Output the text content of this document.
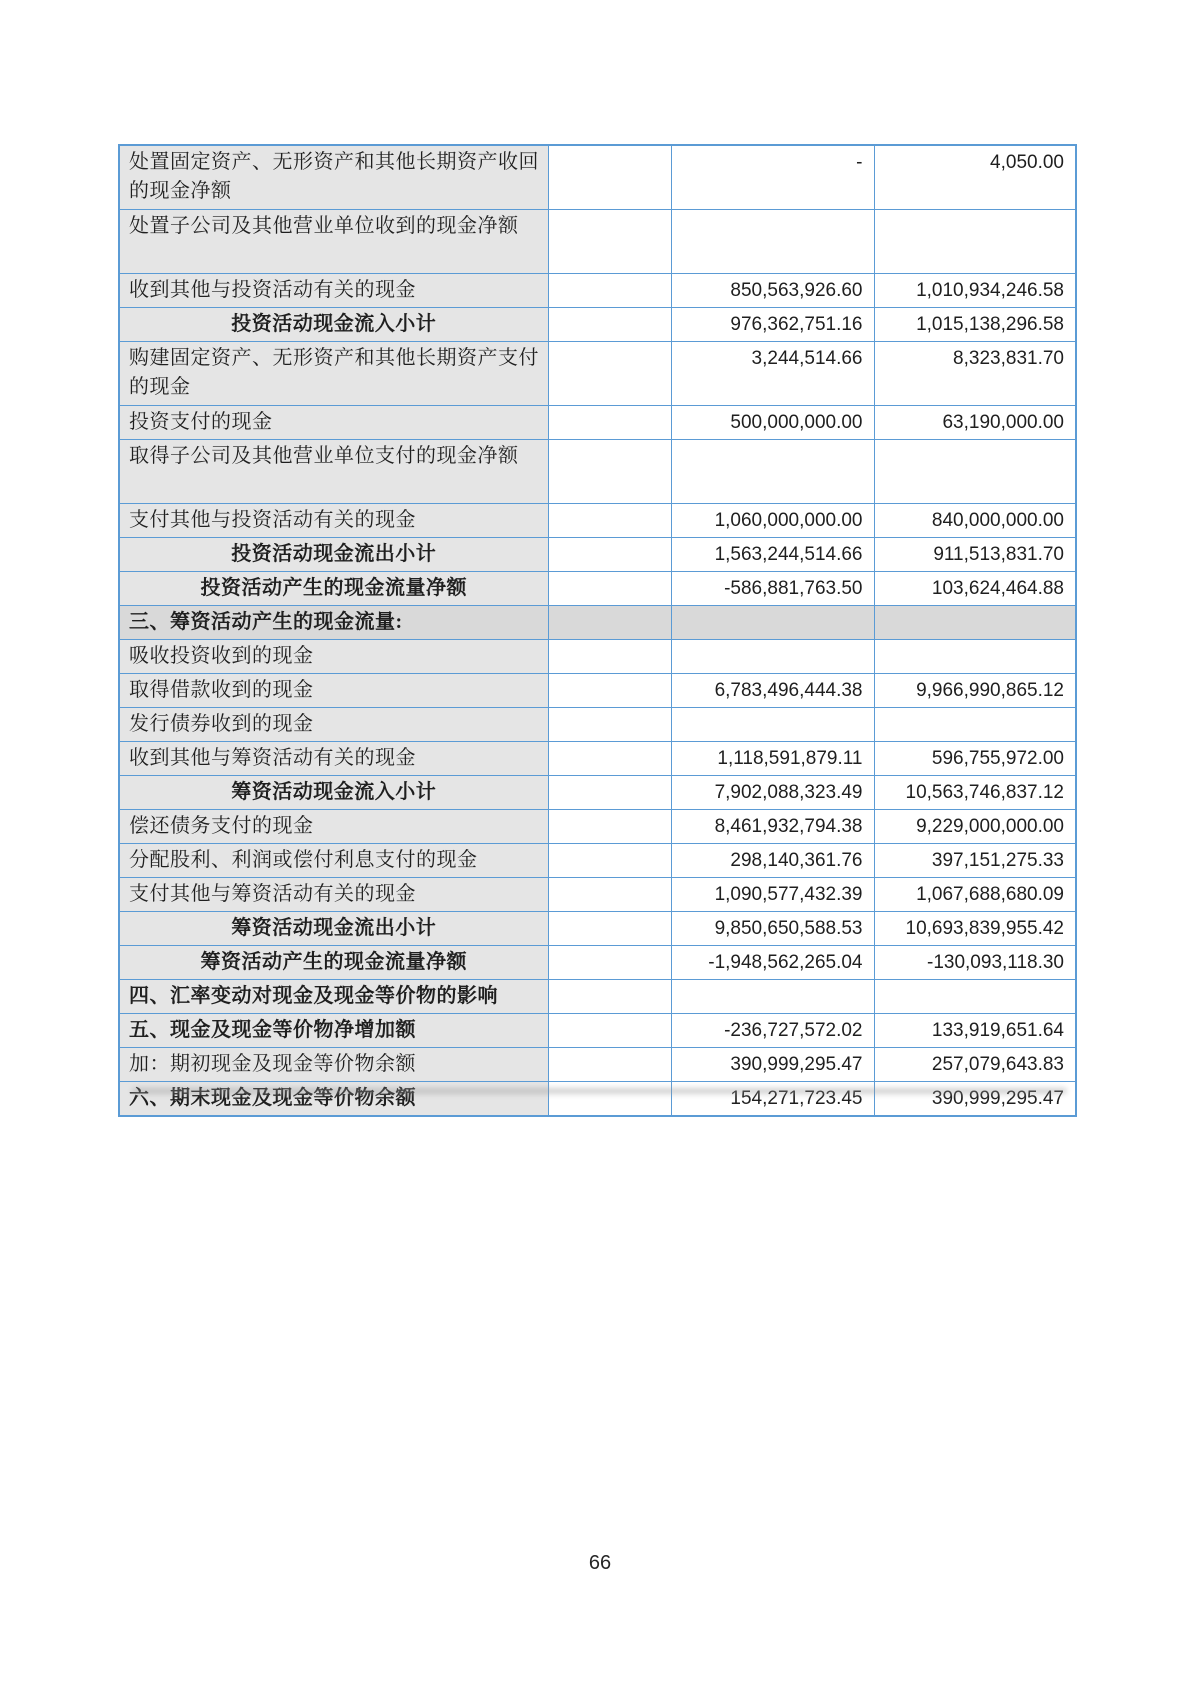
处置固定资产、无形资产和其他长期资产收回的现金净额		-	4,050.00
处置子公司及其他营业单位收到的现金净额			
收到其他与投资活动有关的现金		850,563,926.60	1,010,934,246.58
投资活动现金流入小计		976,362,751.16	1,015,138,296.58
购建固定资产、无形资产和其他长期资产支付的现金		3,244,514.66	8,323,831.70
投资支付的现金		500,000,000.00	63,190,000.00
取得子公司及其他营业单位支付的现金净额			
支付其他与投资活动有关的现金		1,060,000,000.00	840,000,000.00
投资活动现金流出小计		1,563,244,514.66	911,513,831.70
投资活动产生的现金流量净额		-586,881,763.50	103,624,464.88
三、筹资活动产生的现金流量:			
吸收投资收到的现金			
取得借款收到的现金		6,783,496,444.38	9,966,990,865.12
发行债券收到的现金			
收到其他与筹资活动有关的现金		1,118,591,879.11	596,755,972.00
筹资活动现金流入小计		7,902,088,323.49	10,563,746,837.12
偿还债务支付的现金		8,461,932,794.38	9,229,000,000.00
分配股利、利润或偿付利息支付的现金		298,140,361.76	397,151,275.33
支付其他与筹资活动有关的现金		1,090,577,432.39	1,067,688,680.09
筹资活动现金流出小计		9,850,650,588.53	10,693,839,955.42
筹资活动产生的现金流量净额		-1,948,562,265.04	-130,093,118.30
四、汇率变动对现金及现金等价物的影响			
五、现金及现金等价物净增加额		-236,727,572.02	133,919,651.64
加：期初现金及现金等价物余额		390,999,295.47	257,079,643.83
六、期末现金及现金等价物余额		154,271,723.45	390,999,295.47
66
